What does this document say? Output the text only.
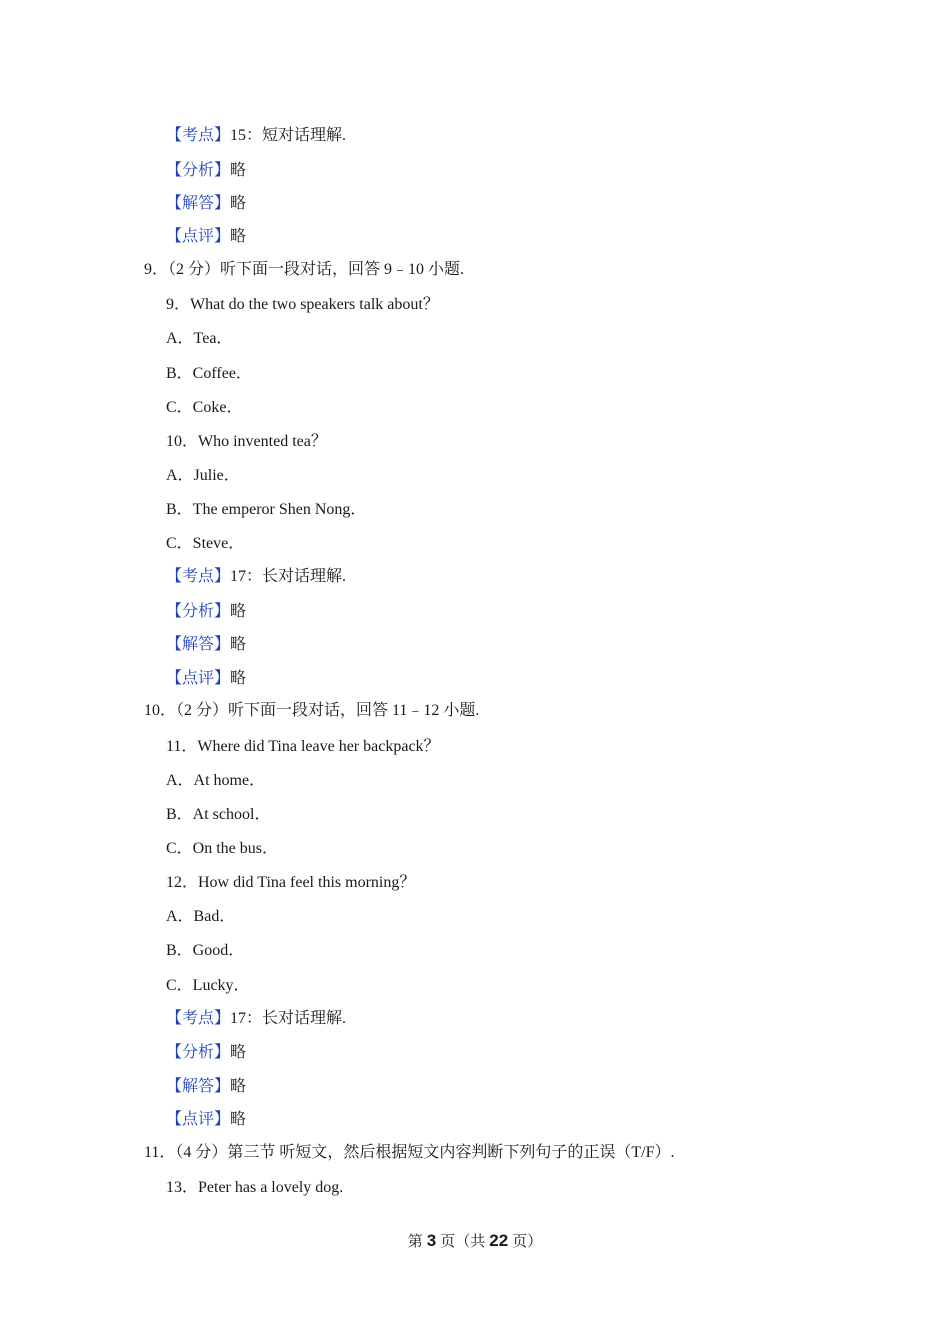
【考点】15：短对话理解.
【分析】略
【解答】略
【点评】略
9．（2 分）听下面一段对话，回答 9﹣10 小题.
9．What do the two speakers talk about？
A．Tea．
B．Coffee．
C．Coke．
10．Who invented tea？
A．Julie．
B．The emperor Shen Nong．
C．Steve．
【考点】17：长对话理解.
【分析】略
【解答】略
【点评】略
10．（2 分）听下面一段对话，回答 11﹣12 小题.
11．Where did Tina leave her backpack？
A．At home．
B．At school．
C．On the bus．
12．How did Tina feel this morning？
A．Bad．
B．Good．
C．Lucky．
【考点】17：长对话理解.
【分析】略
【解答】略
【点评】略
11．（4 分）第三节 听短文，然后根据短文内容判断下列句子的正误（T/F）.
13．Peter has a lovely dog.
第 3 页（共 22 页）
